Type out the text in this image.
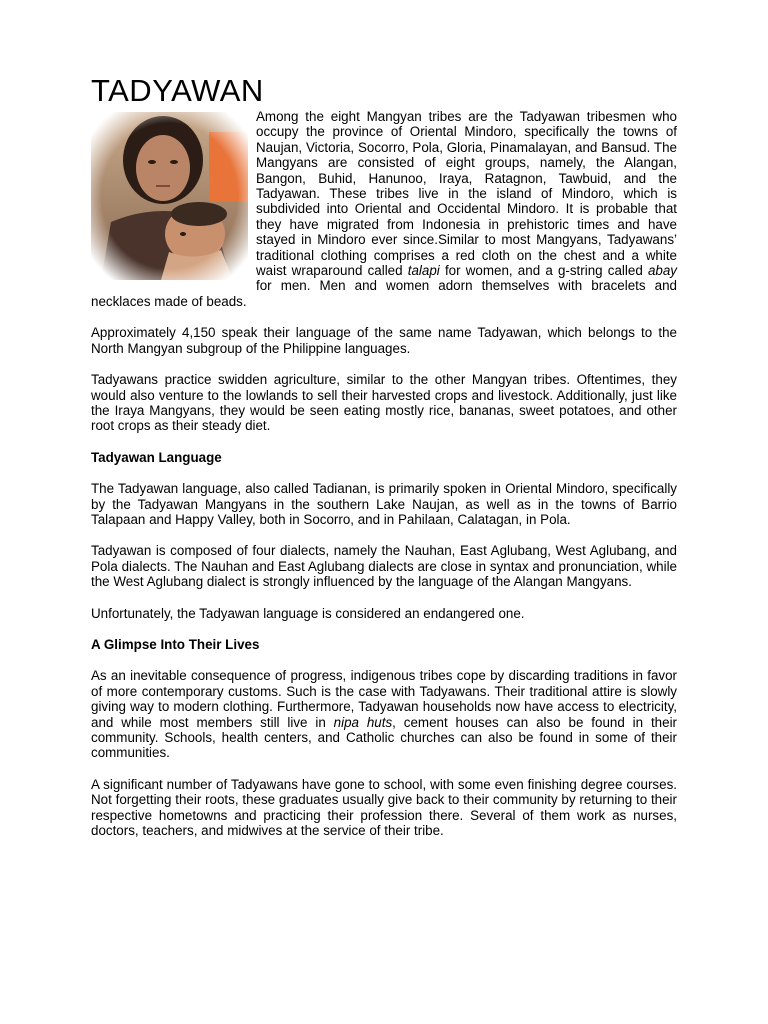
TADYAWAN

Among the eight Mangyan tribes are the Tadyawan tribesmen who occupy the province of Oriental Mindoro, specifically the towns of Naujan, Victoria, Socorro, Pola, Gloria, Pinamalayan, and Bansud. The Mangyans are consisted of eight groups, namely, the Alangan, Bangon, Buhid, Hanunoo, Iraya, Ratagnon, Tawbuid, and the Tadyawan. These tribes live in the island of Mindoro, which is subdivided into Oriental and Occidental Mindoro. It is probable that they have migrated from Indonesia in prehistoric times and have stayed in Mindoro ever since.Similar to most Mangyans, Tadyawans’ traditional clothing comprises a red cloth on the chest and a white waist wraparound called talapi for women, and a g-string called abay for men. Men and women adorn themselves with bracelets and necklaces made of beads.

Approximately 4,150 speak their language of the same name Tadyawan, which belongs to the North Mangyan subgroup of the Philippine languages.

Tadyawans practice swidden agriculture, similar to the other Mangyan tribes. Oftentimes, they would also venture to the lowlands to sell their harvested crops and livestock. Additionally, just like the Iraya Mangyans, they would be seen eating mostly rice, bananas, sweet potatoes, and other root crops as their steady diet.

Tadyawan Language

The Tadyawan language, also called Tadianan, is primarily spoken in Oriental Mindoro, specifically by the Tadyawan Mangyans in the southern Lake Naujan, as well as in the towns of Barrio Talapaan and Happy Valley, both in Socorro, and in Pahilaan, Calatagan, in Pola.

Tadyawan is composed of four dialects, namely the Nauhan, East Aglubang, West Aglubang, and Pola dialects. The Nauhan and East Aglubang dialects are close in syntax and pronunciation, while the West Aglubang dialect is strongly influenced by the language of the Alangan Mangyans.

Unfortunately, the Tadyawan language is considered an endangered one.

A Glimpse Into Their Lives

As an inevitable consequence of progress, indigenous tribes cope by discarding traditions in favor of more contemporary customs. Such is the case with Tadyawans. Their traditional attire is slowly giving way to modern clothing. Furthermore, Tadyawan households now have access to electricity, and while most members still live in nipa huts, cement houses can also be found in their community. Schools, health centers, and Catholic churches can also be found in some of their communities.

A significant number of Tadyawans have gone to school, with some even finishing degree courses. Not forgetting their roots, these graduates usually give back to their community by returning to their respective hometowns and practicing their profession there. Several of them work as nurses, doctors, teachers, and midwives at the service of their tribe.
